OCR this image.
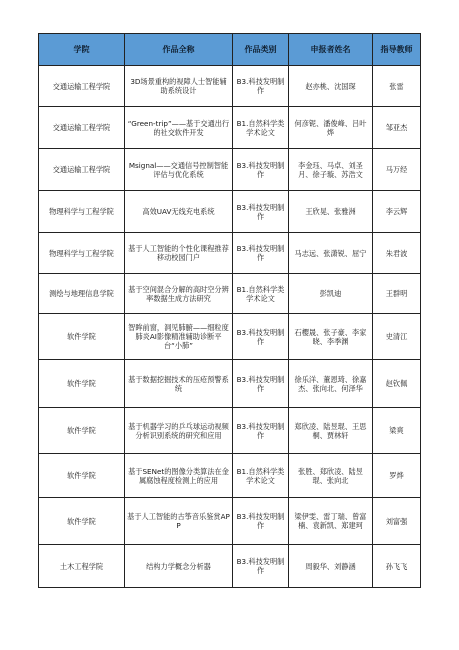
学院	作品全称	作品类别	申报者姓名	指导教师
交通运输工程学院	3D场景重构的视障人士智能辅助系统设计	B3.科技发明制作	赵亦桃、沈国琛	张雷
交通运输工程学院	“Green-trip”——基于交通出行的社交软件开发	B1.自然科学类学术论文	何彦铌、潘俊峰、吕叶烨	邹亚杰
交通运输工程学院	Msignal——交通信号控制智能评估与优化系统	B3.科技发明制作	李金珏、马卓、刘圣月、徐子璇、苏浩文	马万经
物理科学与工程学院	高效UAV无线充电系统	B3.科技发明制作	王欣晃、张雅洲	李云辉
物理科学与工程学院	基于人工智能的个性化课程推荐移动校园门户	B3.科技发明制作	马志远、张潇锐、屈宁	朱君波
测绘与地理信息学院	基于空间混合分解的高时空分辨率数据生成方法研究	B1.自然科学类学术论文	彭凯迪	王群明
软件学院	智眸前窗，洞见肺腑——细粒度肺炎AI影像精准辅助诊断平台“小肺”	B3.科技发明制作	石樱晟、张子豪、李家晓、李季渊	史清江
软件学院	基于数据挖掘技术的压疮预警系统	B3.科技发明制作	徐乐洋、董恩琦、徐嘉杰、张向北、何泽华	赵钦佩
软件学院	基于机器学习的乒乓球运动视频分析识别系统的研究和应用	B3.科技发明制作	郑欣凌、陆昱琨、王思桐、贾林轩	梁爽
软件学院	基于SENet的图像分类算法在金属腐蚀程度检测上的应用	B1.自然科学类学术论文	张胜、郑欣凌、陆昱琨、张向北	罗烨
软件学院	基于人工智能的古筝音乐鉴赏APP	B3.科技发明制作	梁伊雯、雷丁瑞、曾富楠、袁新凯、郑建珂	刘富强
土木工程学院	结构力学概念分析器	B3.科技发明制作	周毅华、刘静涵	孙飞飞
